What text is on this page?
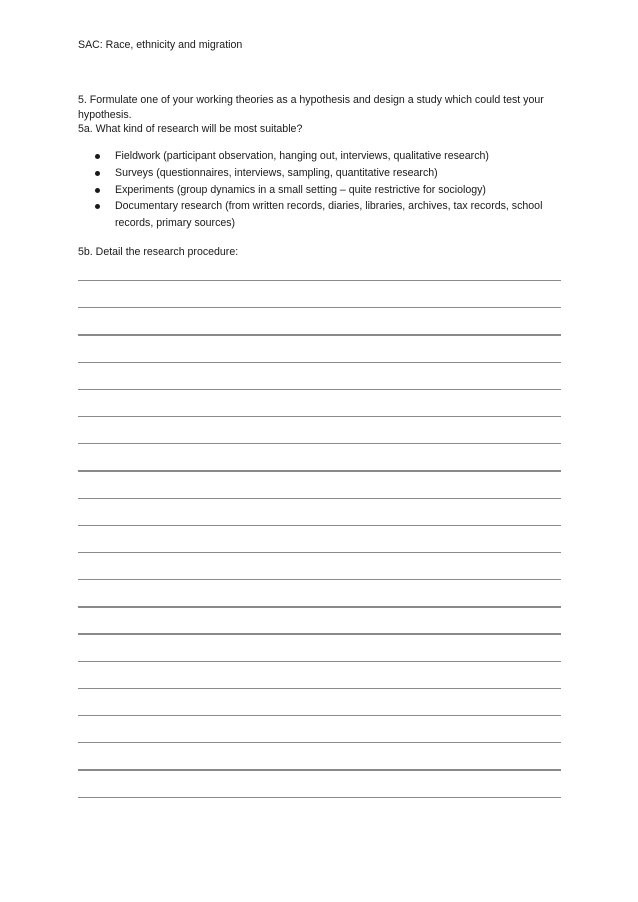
SAC: Race, ethnicity and migration
5. Formulate one of your working theories as a hypothesis and design a study which could test your hypothesis.
5a. What kind of research will be most suitable?
Fieldwork (participant observation, hanging out, interviews, qualitative research)
Surveys (questionnaires, interviews, sampling, quantitative research)
Experiments (group dynamics in a small setting – quite restrictive for sociology)
Documentary research (from written records, diaries, libraries, archives, tax records, school records, primary sources)
5b. Detail the research procedure:
